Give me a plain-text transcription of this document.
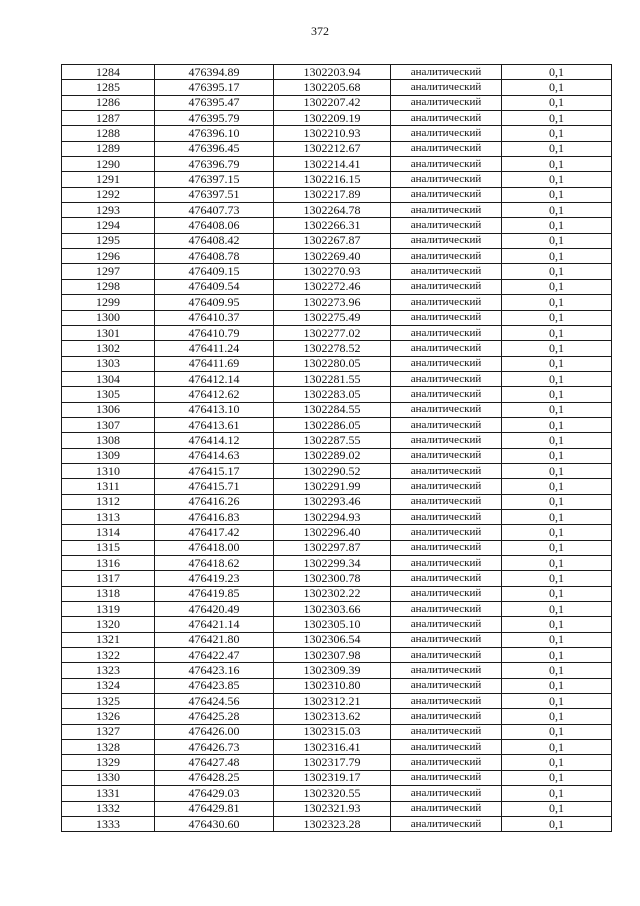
372
1284	476394.89	1302203.94	аналитический	0,1
1285	476395.17	1302205.68	аналитический	0,1
1286	476395.47	1302207.42	аналитический	0,1
1287	476395.79	1302209.19	аналитический	0,1
1288	476396.10	1302210.93	аналитический	0,1
1289	476396.45	1302212.67	аналитический	0,1
1290	476396.79	1302214.41	аналитический	0,1
1291	476397.15	1302216.15	аналитический	0,1
1292	476397.51	1302217.89	аналитический	0,1
1293	476407.73	1302264.78	аналитический	0,1
1294	476408.06	1302266.31	аналитический	0,1
1295	476408.42	1302267.87	аналитический	0,1
1296	476408.78	1302269.40	аналитический	0,1
1297	476409.15	1302270.93	аналитический	0,1
1298	476409.54	1302272.46	аналитический	0,1
1299	476409.95	1302273.96	аналитический	0,1
1300	476410.37	1302275.49	аналитический	0,1
1301	476410.79	1302277.02	аналитический	0,1
1302	476411.24	1302278.52	аналитический	0,1
1303	476411.69	1302280.05	аналитический	0,1
1304	476412.14	1302281.55	аналитический	0,1
1305	476412.62	1302283.05	аналитический	0,1
1306	476413.10	1302284.55	аналитический	0,1
1307	476413.61	1302286.05	аналитический	0,1
1308	476414.12	1302287.55	аналитический	0,1
1309	476414.63	1302289.02	аналитический	0,1
1310	476415.17	1302290.52	аналитический	0,1
1311	476415.71	1302291.99	аналитический	0,1
1312	476416.26	1302293.46	аналитический	0,1
1313	476416.83	1302294.93	аналитический	0,1
1314	476417.42	1302296.40	аналитический	0,1
1315	476418.00	1302297.87	аналитический	0,1
1316	476418.62	1302299.34	аналитический	0,1
1317	476419.23	1302300.78	аналитический	0,1
1318	476419.85	1302302.22	аналитический	0,1
1319	476420.49	1302303.66	аналитический	0,1
1320	476421.14	1302305.10	аналитический	0,1
1321	476421.80	1302306.54	аналитический	0,1
1322	476422.47	1302307.98	аналитический	0,1
1323	476423.16	1302309.39	аналитический	0,1
1324	476423.85	1302310.80	аналитический	0,1
1325	476424.56	1302312.21	аналитический	0,1
1326	476425.28	1302313.62	аналитический	0,1
1327	476426.00	1302315.03	аналитический	0,1
1328	476426.73	1302316.41	аналитический	0,1
1329	476427.48	1302317.79	аналитический	0,1
1330	476428.25	1302319.17	аналитический	0,1
1331	476429.03	1302320.55	аналитический	0,1
1332	476429.81	1302321.93	аналитический	0,1
1333	476430.60	1302323.28	аналитический	0,1
